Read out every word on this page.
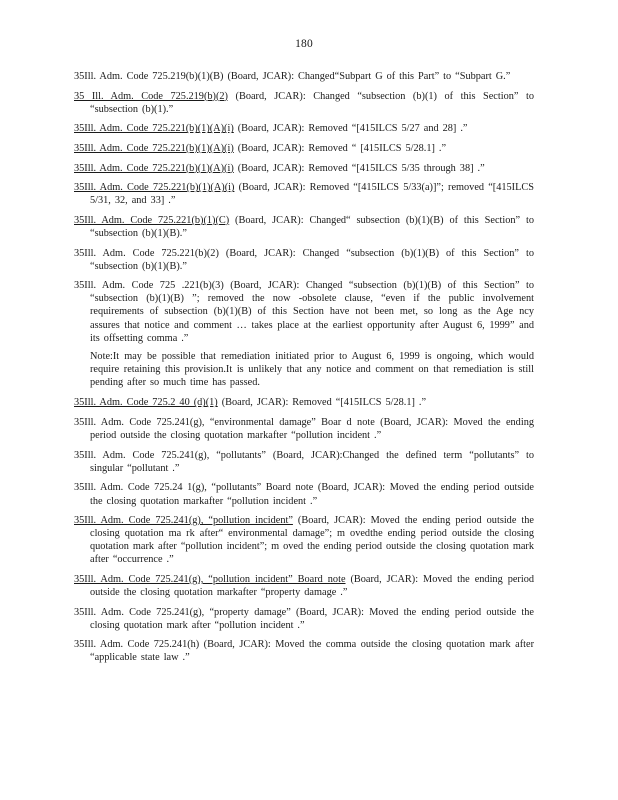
180

35Ill. Adm. Code 725.219(b)(1)(B) (Board, JCAR): Changed“Subpart G of this Part” to “Subpart G.”

35 Ill. Adm. Code 725.219(b)(2) (Board, JCAR): Changed “subsection (b)(1) of this Section” to “subsection (b)(1).”

35Ill. Adm. Code 725.221(b)(1)(A)(i) (Board, JCAR): Removed “[415ILCS 5/27 and 28] .”

35Ill. Adm. Code 725.221(b)(1)(A)(i) (Board, JCAR): Removed “ [415ILCS 5/28.1] .”

35Ill. Adm. Code 725.221(b)(1)(A)(i) (Board, JCAR): Removed “[415ILCS 5/35 through 38] .”

35Ill. Adm. Code 725.221(b)(1)(A)(i) (Board, JCAR): Removed “[415ILCS 5/33(a)]”; removed “[415ILCS 5/31, 32, and 33] .”

35Ill. Adm. Code 725.221(b)(1)(C) (Board, JCAR): Changed“ subsection (b)(1)(B) of this Section” to “subsection (b)(1)(B).”

35Ill. Adm. Code 725.221(b)(2) (Board, JCAR): Changed “subsection (b)(1)(B) of this Section” to “subsection (b)(1)(B).”

35Ill. Adm. Code 725 .221(b)(3) (Board, JCAR): Changed “subsection (b)(1)(B) of this Section” to “subsection (b)(1)(B) ”; removed the now -obsolete clause, “even if the public involvement requirements of subsection (b)(1)(B) of this Section have not been met, so long as the Age ncy assures that notice and comment … takes place at the earliest opportunity after August 6, 1999” and its offsetting comma .”

Note:It may be possible that remediation initiated prior to August 6, 1999 is ongoing, which would require retaining this provision.It is unlikely that any notice and comment on that remediation is still pending after so much time has passed.

35Ill. Adm. Code 725.2 40 (d)(1) (Board, JCAR): Removed “[415ILCS 5/28.1] .”

35Ill. Adm. Code 725.241(g), “environmental damage” Boar d note (Board, JCAR): Moved the ending period outside the closing quotation markafter “pollution incident .”

35Ill. Adm. Code 725.241(g), “pollutants” (Board, JCAR):Changed the defined term “pollutants” to singular “pollutant .”

35Ill. Adm. Code 725.24 1(g), “pollutants” Board note (Board, JCAR): Moved the ending period outside the closing quotation markafter “pollution incident .”

35Ill. Adm. Code 725.241(g), “pollution incident” (Board, JCAR): Moved the ending period outside the closing quotation ma rk after“ environmental damage”; m ovedthe ending period outside the closing quotation mark after “pollution incident”; m oved the ending period outside the closing quotation mark after “occurrence .”

35Ill. Adm. Code 725.241(g), “pollution incident” Board note (Board, JCAR): Moved the ending period outside the closing quotation markafter “property damage .”

35Ill. Adm. Code 725.241(g), “property damage” (Board, JCAR): Moved the ending period outside the closing quotation mark after “pollution incident .”

35Ill. Adm. Code 725.241(h) (Board, JCAR): Moved the comma outside the closing quotation mark after “applicable state law .”
